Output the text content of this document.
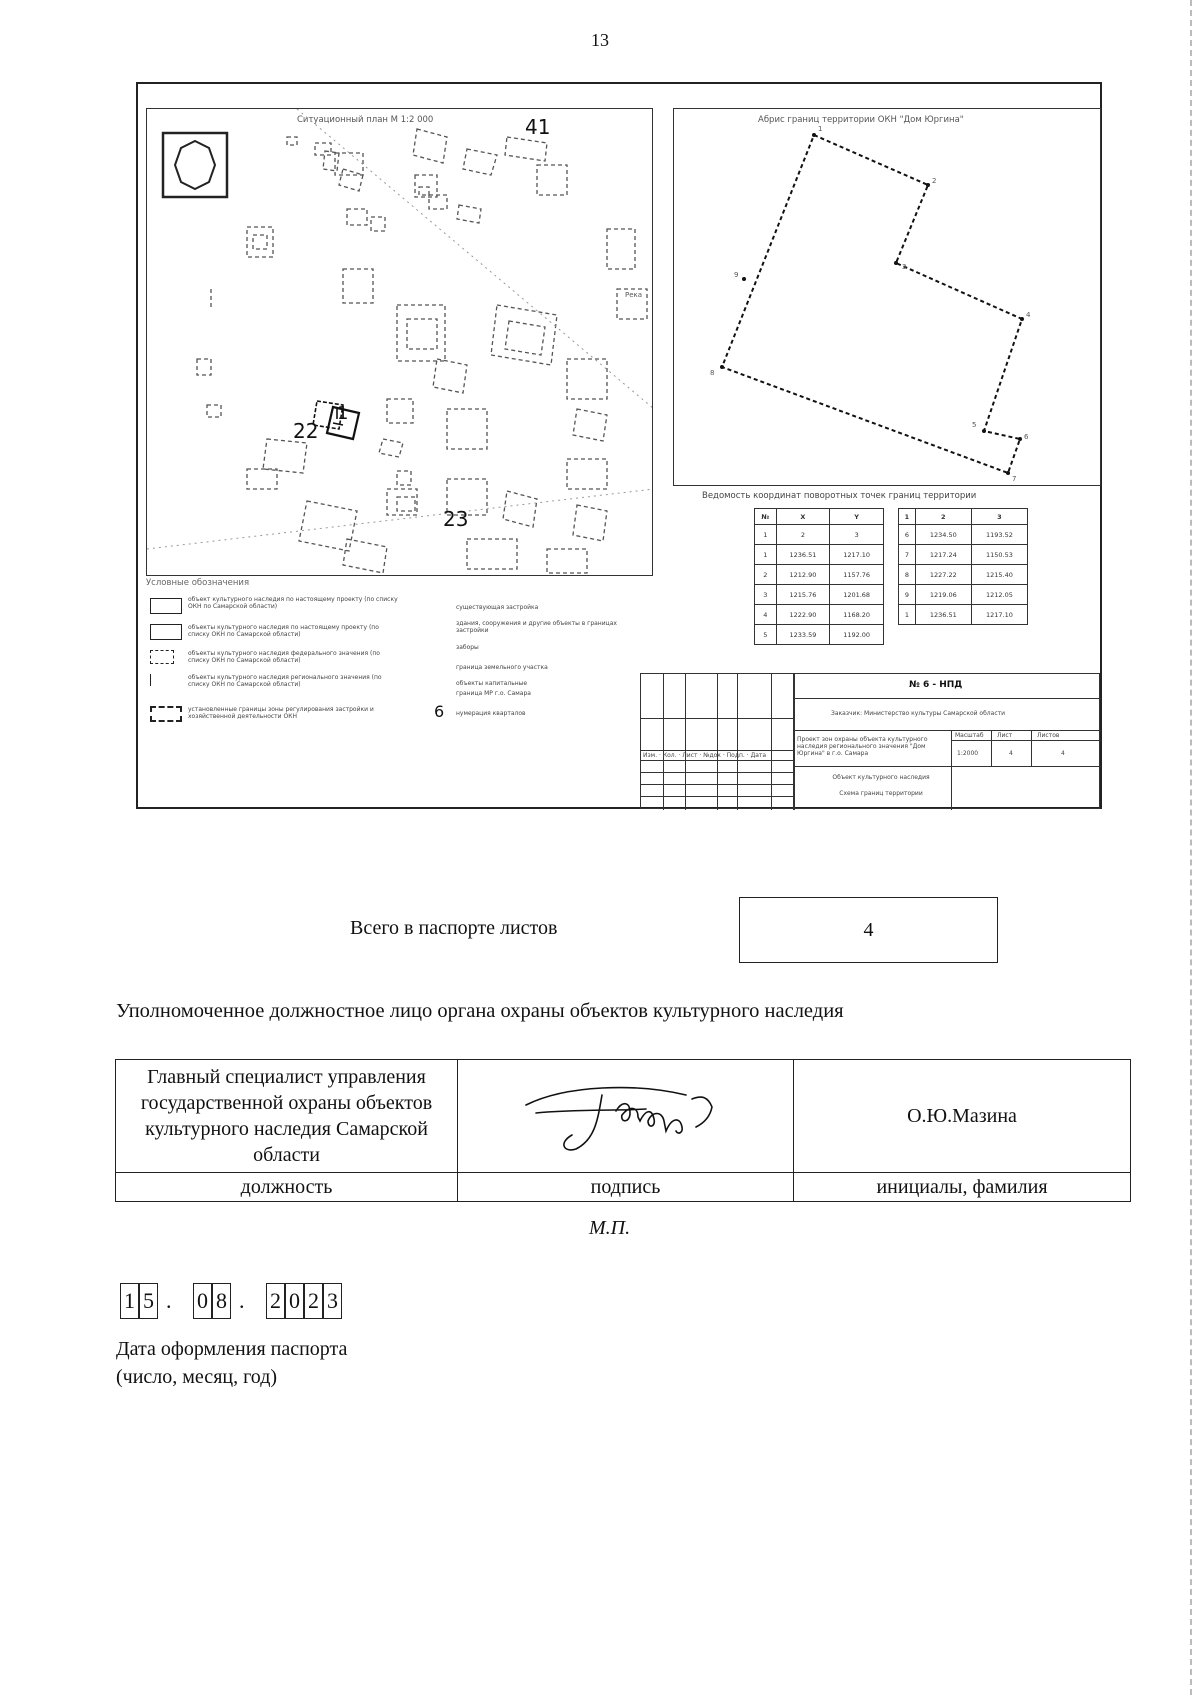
13
Ситуационный план М 1:2 000	41
22
1
23
Река
Абрис границ территории ОКН "Дом Юргина"
1
2
3
4
5
6
7
8
9
Ведомость координат поворотных точек границ территории
№	X	Y
1	2	3
1	1236.51	1217.10
2	1212.90	1157.76
3	1215.76	1201.68
4	1222.90	1168.20
5	1233.59	1192.00
1	2	3
6	1234.50	1193.52
7	1217.24	1150.53
8	1227.22	1215.40
9	1219.06	1212.05
1	1236.51	1217.10
Условные обозначения
объект культурного наследия по настоящему проекту (по списку ОКН по Самарской области)
объекты культурного наследия по настоящему проекту (по списку ОКН по Самарской области)
объекты культурного наследия федерального значения (по списку ОКН по Самарской области)
объекты культурного наследия регионального значения (по списку ОКН по Самарской области)
установленные границы зоны регулирования застройки и хозяйственной деятельности ОКН
существующая застройка
здания, сооружения и другие объекты в границах застройки
заборы
граница земельного участка
объекты капитальные
граница МР г.о. Самара
6 нумерация кварталов
Изм. · Кол. · Лист · №док · Подп. · Дата
№ 6 - НПД
Заказчик: Министерство культуры Самарской области
Проект зон охраны объекта культурного наследия регионального значения "Дом Юргина" в г.о. Самара
Масштаб Лист	Листов
1:2000	4	4
Объект культурного наследия
Схема границ территории
Всего в паспорте листов	4
Уполномоченное должностное лицо органа охраны объектов культурного наследия
Главный специалист управления государственной охраны объектов культурного наследия Самарской области		О.Ю.Мазина
должность	подпись	инициалы, фамилия
М.П.
1 5 . 0 8 . 2 0 2 3
Дата оформления паспорта
(число, месяц, год)
